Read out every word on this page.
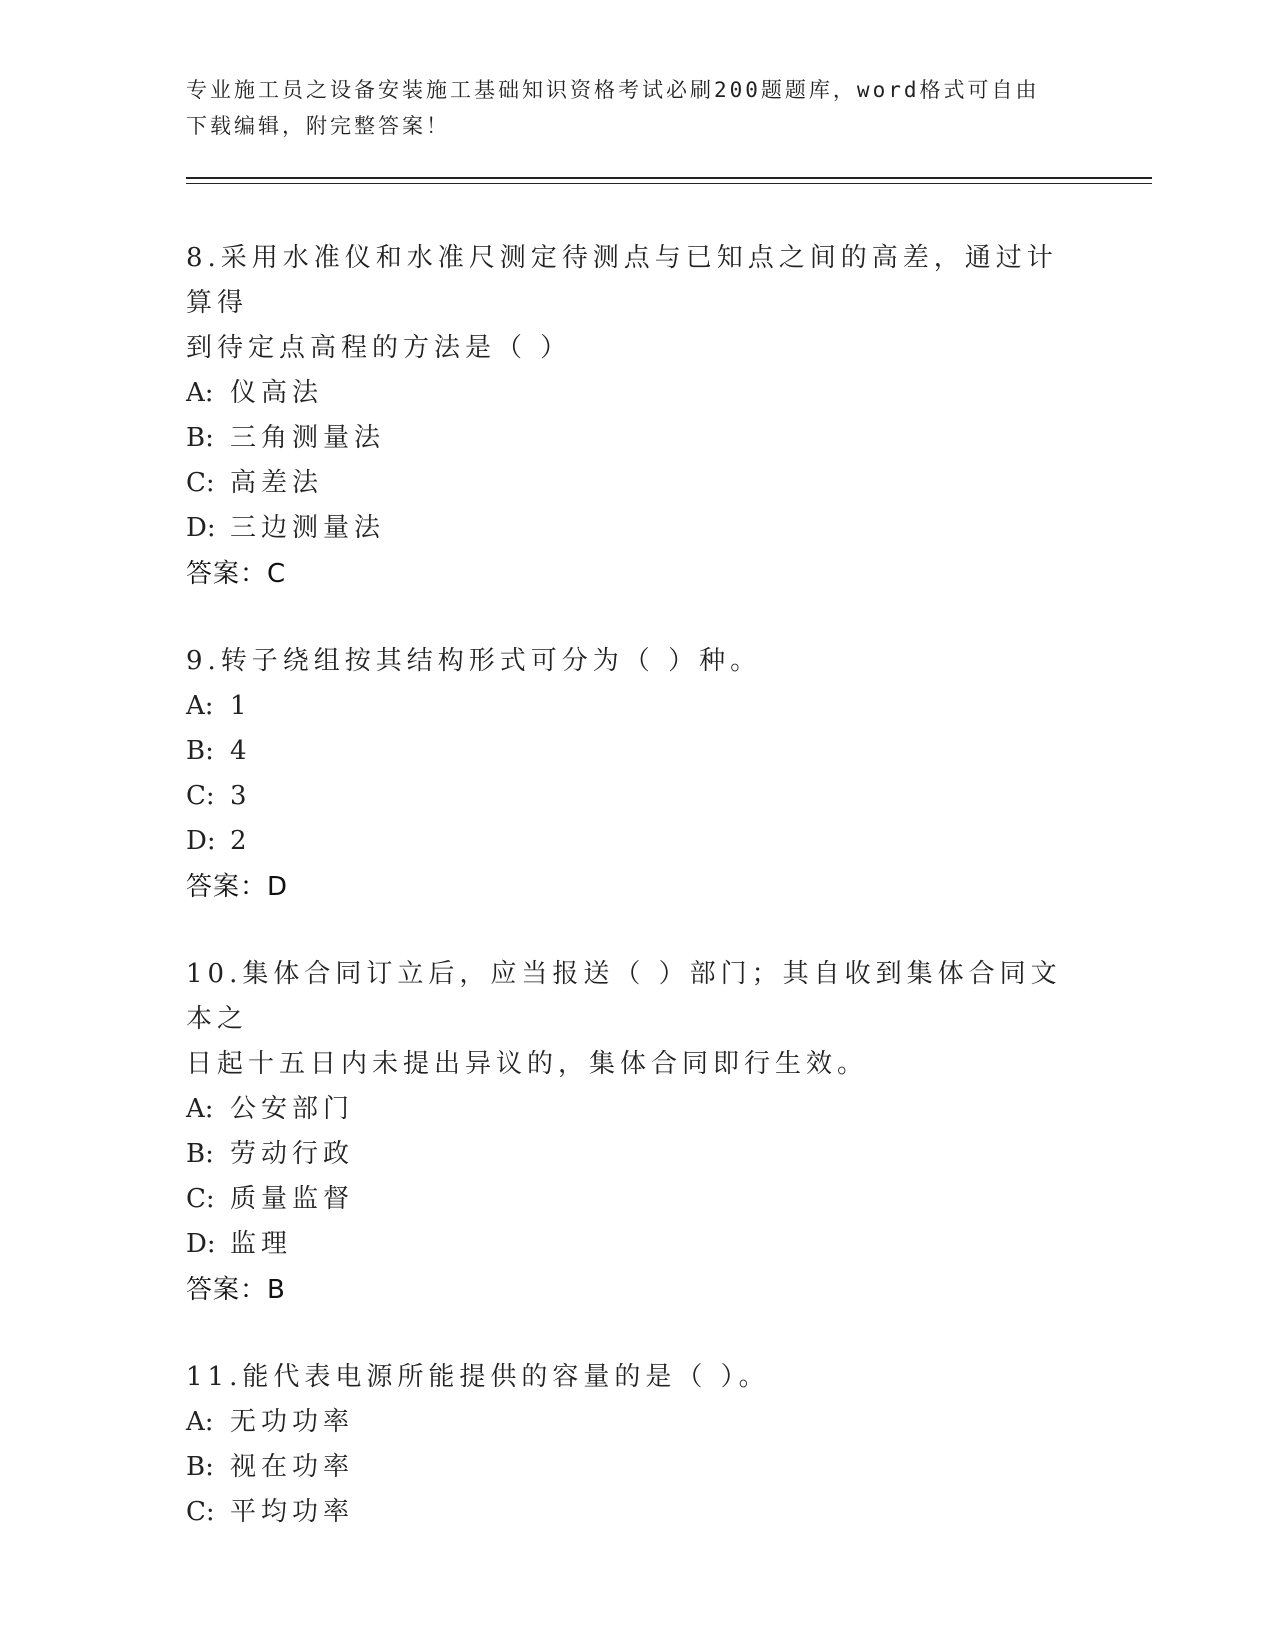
专业施工员之设备安装施工基础知识资格考试必刷200题题库，word格式可自由
下载编辑，附完整答案！

8.采用水准仪和水准尺测定待测点与已知点之间的高差，通过计算得

到待定点高程的方法是（ ）

A: 仪高法

B: 三角测量法

C: 高差法

D: 三边测量法

答案：C

9.转子绕组按其结构形式可分为（ ）种。

A: 1

B: 4

C: 3

D: 2

答案：D

10.集体合同订立后，应当报送（ ）部门；其自收到集体合同文本之

日起十五日内未提出异议的，集体合同即行生效。

A: 公安部门

B: 劳动行政

C: 质量监督

D: 监理

答案：B

11.能代表电源所能提供的容量的是（ ）。

A: 无功功率

B: 视在功率

C: 平均功率
